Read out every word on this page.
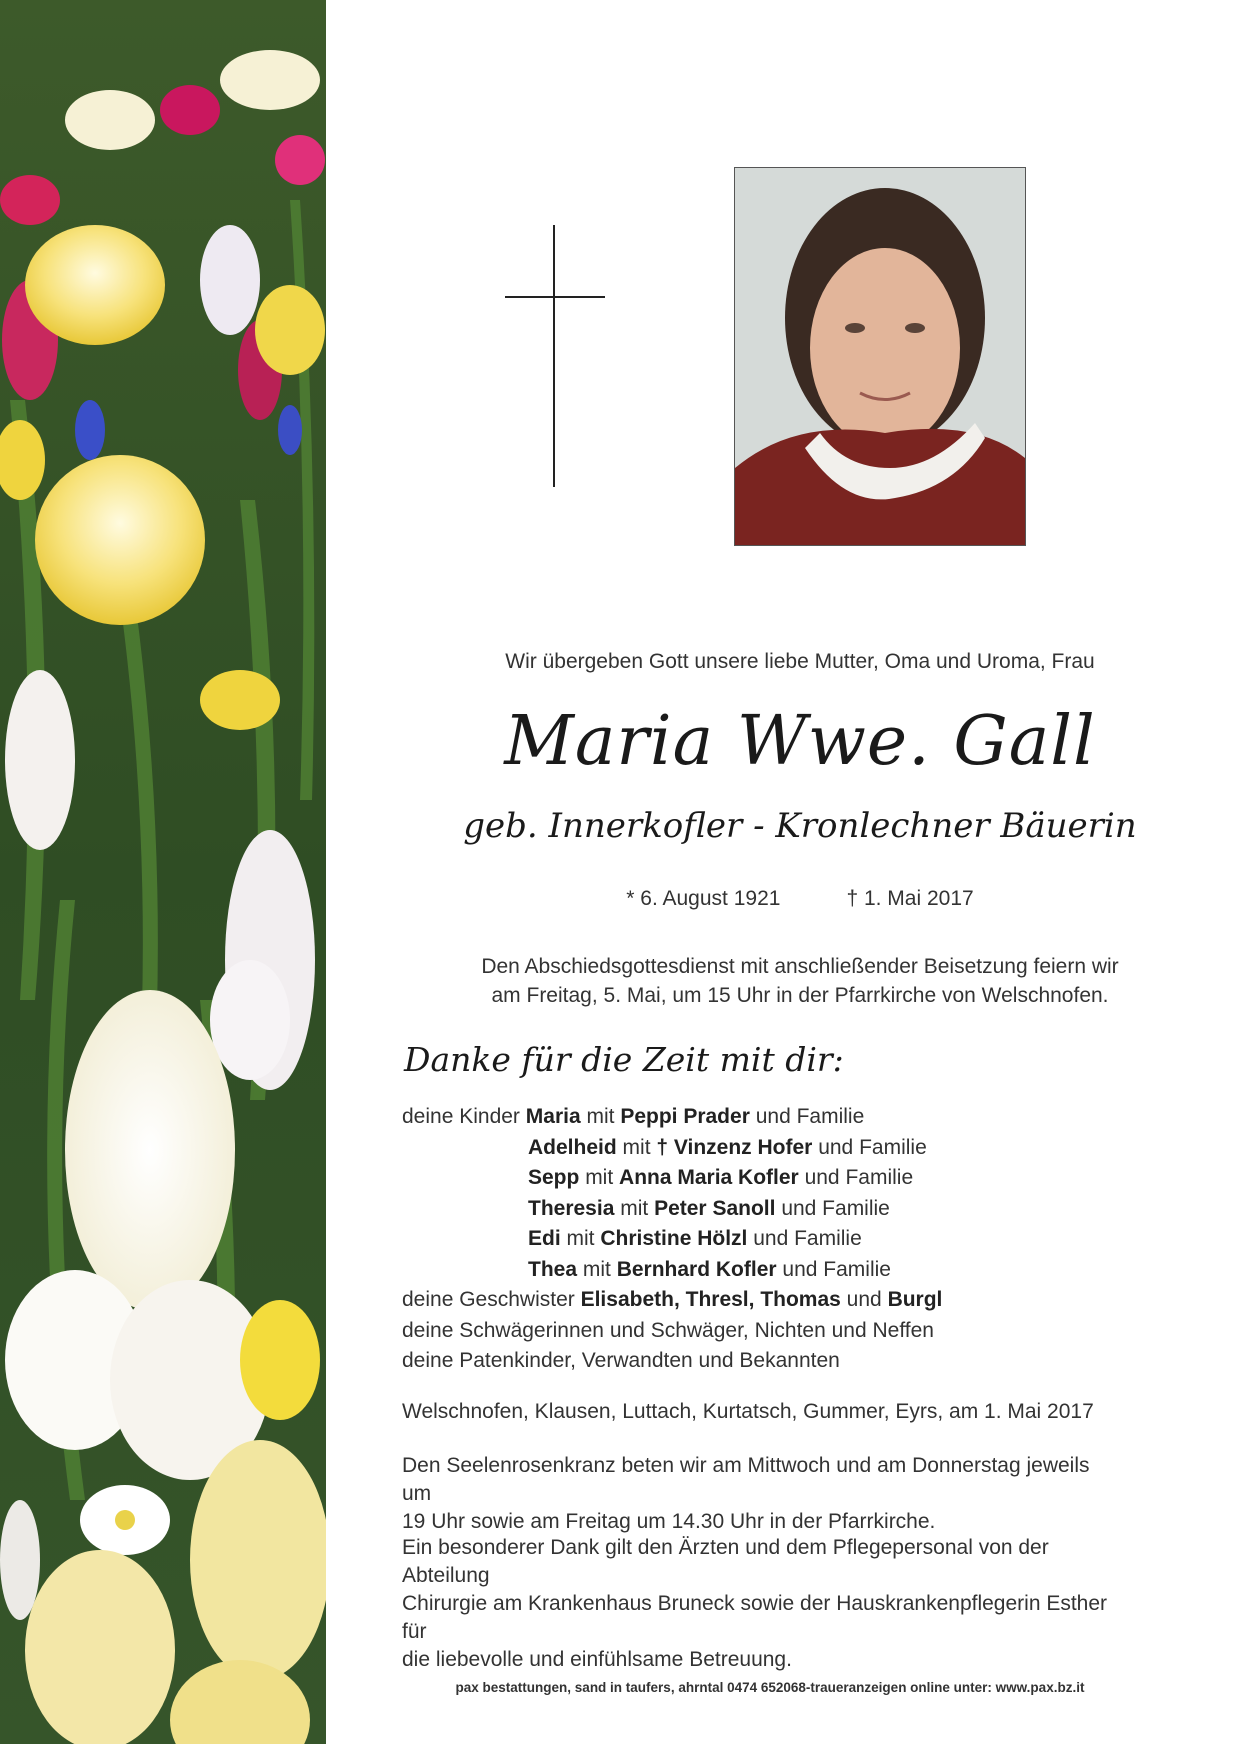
Wir übergeben Gott unsere liebe Mutter, Oma und Uroma, Frau
Maria Wwe. Gall
geb. Innerkofler - Kronlechner Bäuerin
* 6. August 1921	† 1. Mai 2017
Den Abschiedsgottesdienst mit anschließender Beisetzung feiern wir
am Freitag, 5. Mai, um 15 Uhr in der Pfarrkirche von Welschnofen.
Danke für die Zeit mit dir:
deine Kinder Maria mit Peppi Prader und Familie
Adelheid mit † Vinzenz Hofer und Familie
Sepp mit Anna Maria Kofler und Familie
Theresia mit Peter Sanoll und Familie
Edi mit Christine Hölzl und Familie
Thea mit Bernhard Kofler und Familie
deine Geschwister Elisabeth, Thresl, Thomas und Burgl
deine Schwägerinnen und Schwäger, Nichten und Neffen
deine Patenkinder, Verwandten und Bekannten
Welschnofen, Klausen, Luttach, Kurtatsch, Gummer, Eyrs, am 1. Mai 2017
Den Seelenrosenkranz beten wir am Mittwoch und am Donnerstag jeweils um
19 Uhr sowie am Freitag um 14.30 Uhr in der Pfarrkirche.
Ein besonderer Dank gilt den Ärzten und dem Pflegepersonal von der Abteilung
Chirurgie am Krankenhaus Bruneck sowie der Hauskrankenpflegerin Esther für
die liebevolle und einfühlsame Betreuung.
pax bestattungen, sand in taufers, ahrntal 0474 652068-traueranzeigen online unter: www.pax.bz.it
